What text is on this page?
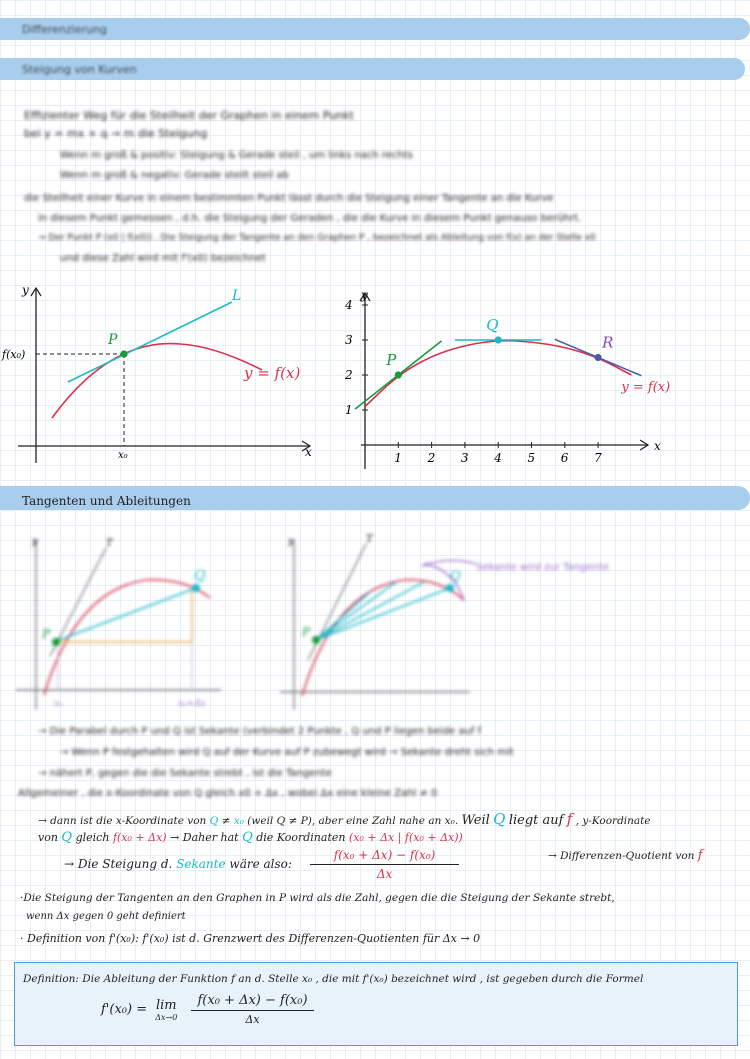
Differenzierung
Steigung von Kurven
Effizienter Weg für die Steilheit der Graphen in einem Punkt
bei y = mx + q → m die Steigung
Wenn m groß & positiv: Steigung & Gerade steil , um links nach rechts
Wenn m groß & negativ: Gerade steilt steil ab
die Steilheit einer Kurve in einem bestimmten Punkt lässt durch die Steigung einer Tangente an die Kurve
in diesem Punkt gemessen , d.h. die Steigung der Geraden , die die Kurve in diesem Punkt genauso berührt.
→ Der Punkt P (x0 | f(x0)) . Die Steigung der Tangente an den Graphen P , bezeichnet als Ableitung von f(x) an der Stelle x0
und diese Zahl wird mit f'(x0) bezeichnet
y
x
P
L
f(x₀)
x₀
y = f(x)
y
x
1 2 3 4 5 6 7
1
2
3
4
P
Q
R
y = f(x)
Tangenten und Ableitungen
y	T
P
Q
x₀	x₀+Δx
y	T
P
Q
Sekante wird zur Tangente
→ Die Parabel durch P und Q ist Sekante (verbindet 2 Punkte , Q und P liegen beide auf f
→ Wenn P festgehalten wird Q auf der Kurve auf P zubewegt wird → Sekante dreht sich mit
→ nähert P, gegen die die Sekante strebt , ist die Tangente
Allgemeiner , die x-Koordinate von Q gleich x0 + Δx , wobei Δx eine kleine Zahl ≠ 0
→ dann ist die x-Koordinate von Q ≠ x₀ (weil Q ≠ P), aber eine Zahl nahe an x₀. Weil Q liegt auf f , y-Koordinate
von Q gleich f(x₀ + Δx) → Daher hat Q die Koordinaten (x₀ + Δx | f(x₀ + Δx))
→ Die Steigung d. Sekante wäre also: $\frac{\text{f(x₀ + Δx) − f(x₀)}}{\Delta x}$	→ Differenzen-Quotient von f
·Die Steigung der Tangenten an den Graphen in P wird als die Zahl, gegen die die Steigung der Sekante strebt,
wenn Δx gegen 0 geht definiert
· Definition von f'(x₀): f'(x₀) ist d. Grenzwert des Differenzen-Quotienten für Δx → 0
Definition: Die Ableitung der Funktion f an d. Stelle x₀ , die mit f'(x₀) bezeichnet wird , ist gegeben durch die Formel
f'(x₀) = lim
Δx→0
$\frac{\text{f(x₀ + Δx) − f(x₀)}}{\Delta x}$
